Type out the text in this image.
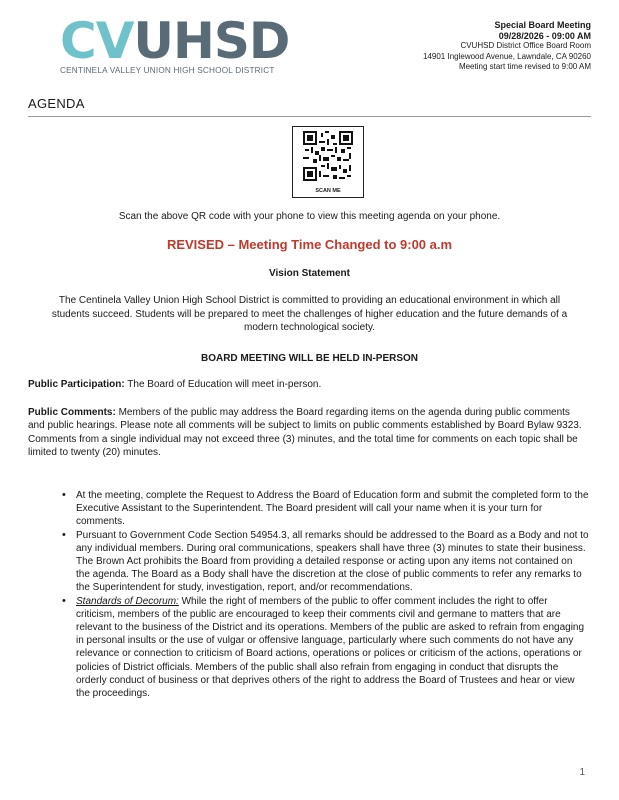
CV UHSD
CENTINELA VALLEY UNION HIGH SCHOOL DISTRICT
Special Board Meeting
09/28/2026 - 09:00 AM
CVUHSD District Office Board Room
14901 Inglewood Avenue, Lawndale, CA 90260
Meeting start time revised to 9:00 AM
AGENDA
SCAN ME
Scan the above QR code with your phone to view this meeting agenda on your phone.
REVISED – Meeting Time Changed to 9:00 a.m
Vision Statement
The Centinela Valley Union High School District is committed to providing an educational environment in which all students succeed. Students will be prepared to meet the challenges of higher education and the future demands of a modern technological society.
BOARD MEETING WILL BE HELD IN-PERSON
Public Participation: The Board of Education will meet in-person.
Public Comments: Members of the public may address the Board regarding items on the agenda during public comments and public hearings. Please note all comments will be subject to limits on public comments established by Board Bylaw 9323. Comments from a single individual may not exceed three (3) minutes, and the total time for comments on each topic shall be limited to twenty (20) minutes.
• At the meeting, complete the Request to Address the Board of Education form and submit the completed form to the Executive Assistant to the Superintendent. The Board president will call your name when it is your turn for comments.
• Pursuant to Government Code Section 54954.3, all remarks should be addressed to the Board as a Body and not to any individual members. During oral communications, speakers shall have three (3) minutes to state their business. The Brown Act prohibits the Board from providing a detailed response or acting upon any items not contained on the agenda. The Board as a Body shall have the discretion at the close of public comments to refer any remarks to the Superintendent for study, investigation, report, and/or recommendations.
• Standards of Decorum: While the right of members of the public to offer comment includes the right to offer criticism, members of the public are encouraged to keep their comments civil and germane to matters that are relevant to the business of the District and its operations. Members of the public are asked to refrain from engaging in personal insults or the use of vulgar or offensive language, particularly where such comments do not have any relevance or connection to criticism of Board actions, operations or polices or criticism of the actions, operations or policies of District officials. Members of the public shall also refrain from engaging in conduct that disrupts the orderly conduct of business or that deprives others of the right to address the Board of Trustees and hear or view the proceedings.
1
